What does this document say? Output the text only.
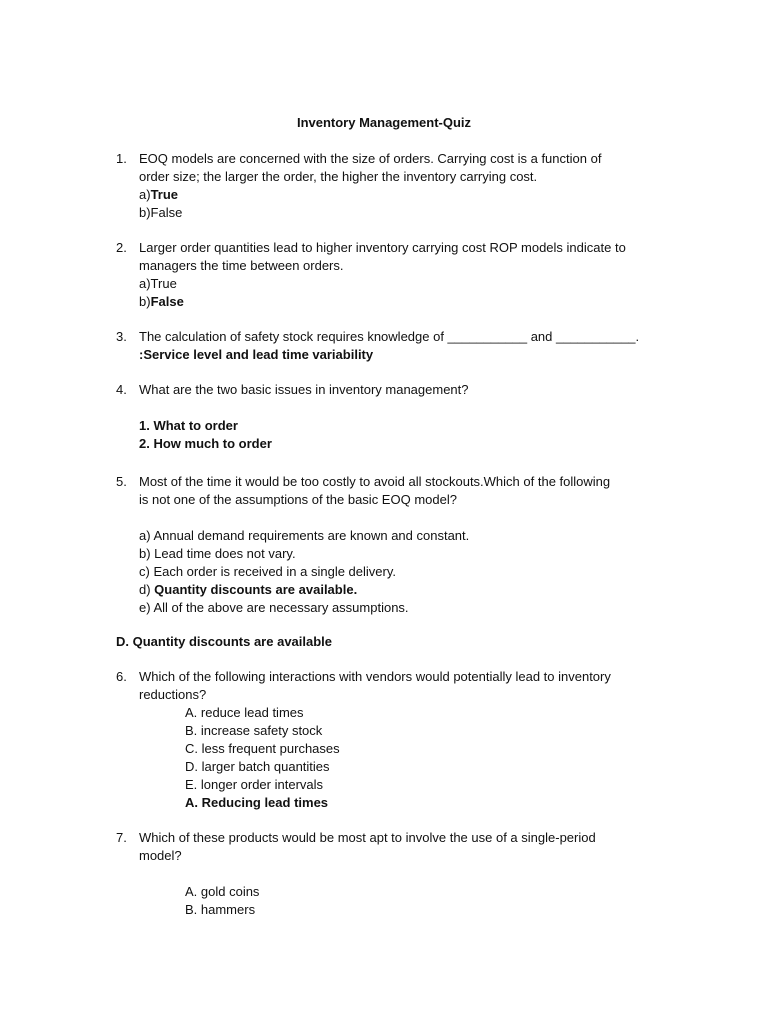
Inventory Management-Quiz
1. EOQ models are concerned with the size of orders. Carrying cost is a function of
order size; the larger the order, the higher the inventory carrying cost.
a)True
b)False
2. Larger order quantities lead to higher inventory carrying cost ROP models indicate to
managers the time between orders.
a)True
b)False
3. The calculation of safety stock requires knowledge of ___________ and ___________.
:Service level and lead time variability
4. What are the two basic issues in inventory management?
1. What to order
2. How much to order
5. Most of the time it would be too costly to avoid all stockouts.Which of the following
is not one of the assumptions of the basic EOQ model?
a) Annual demand requirements are known and constant.
b) Lead time does not vary.
c) Each order is received in a single delivery.
d) Quantity discounts are available.
e) All of the above are necessary assumptions.
D. Quantity discounts are available
6. Which of the following interactions with vendors would potentially lead to inventory
reductions?
A. reduce lead times
B. increase safety stock
C. less frequent purchases
D. larger batch quantities
E. longer order intervals
A. Reducing lead times
7. Which of these products would be most apt to involve the use of a single-period
model?
A. gold coins
B. hammers
